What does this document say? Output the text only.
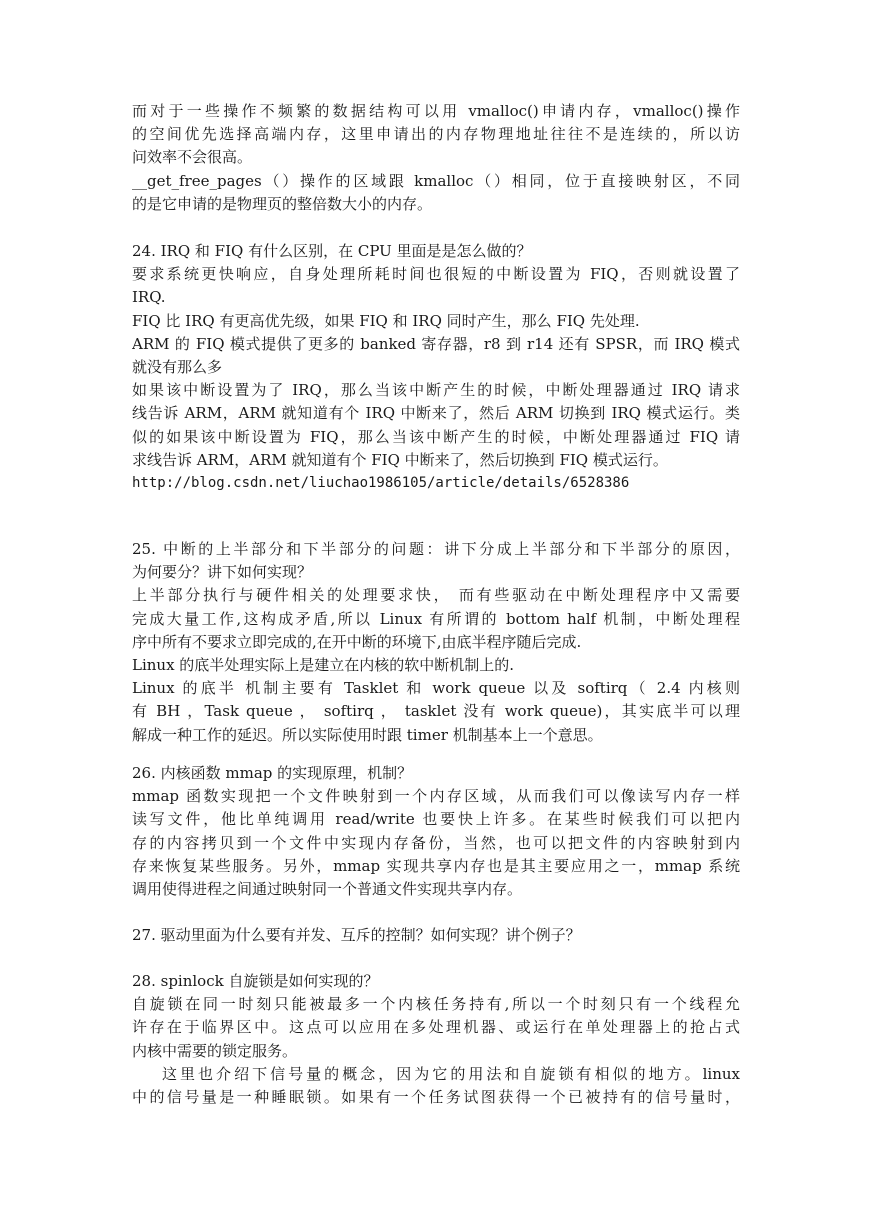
而对于一些操作不频繁的数据结构可以用 vmalloc()申请内存，vmalloc()操作
的空间优先选择高端内存，这里申请出的内存物理地址往往不是连续的，所以访
问效率不会很高。
__get_free_pages（）操作的区域跟 kmalloc（）相同，位于直接映射区，不同
的是它申请的是物理页的整倍数大小的内存。
24. IRQ 和 FIQ 有什么区别，在 CPU 里面是是怎么做的？
要求系统更快响应，自身处理所耗时间也很短的中断设置为 FIQ，否则就设置了
IRQ.
FIQ 比 IRQ 有更高优先级，如果 FIQ 和 IRQ 同时产生，那么 FIQ 先处理.
ARM 的 FIQ 模式提供了更多的 banked 寄存器，r8 到 r14 还有 SPSR，而 IRQ 模式
就没有那么多
如果该中断设置为了 IRQ，那么当该中断产生的时候，中断处理器通过 IRQ 请求
线告诉 ARM，ARM 就知道有个 IRQ 中断来了，然后 ARM 切换到 IRQ 模式运行。类
似的如果该中断设置为 FIQ，那么当该中断产生的时候，中断处理器通过 FIQ 请
求线告诉 ARM，ARM 就知道有个 FIQ 中断来了，然后切换到 FIQ 模式运行。
http://blog.csdn.net/liuchao1986105/article/details/6528386
25. 中断的上半部分和下半部分的问题：讲下分成上半部分和下半部分的原因，
为何要分？讲下如何实现？
上半部分执行与硬件相关的处理要求快， 而有些驱动在中断处理程序中又需要
完成大量工作,这构成矛盾,所以 Linux 有所谓的 bottom half 机制，中断处理程
序中所有不要求立即完成的,在开中断的环境下,由底半程序随后完成.
Linux 的底半处理实际上是建立在内核的软中断机制上的.
Linux 的底半 机制主要有 Tasklet 和 work queue 以及 softirq（ 2.4 内核则
有 BH ，Task queue ， softirq ， tasklet 没有 work queue)，其实底半可以理
解成一种工作的延迟。所以实际使用时跟 timer 机制基本上一个意思。
26. 内核函数 mmap 的实现原理，机制？
mmap 函数实现把一个文件映射到一个内存区域，从而我们可以像读写内存一样
读写文件，他比单纯调用 read/write 也要快上许多。在某些时候我们可以把内
存的内容拷贝到一个文件中实现内存备份，当然，也可以把文件的内容映射到内
存来恢复某些服务。另外，mmap 实现共享内存也是其主要应用之一，mmap 系统
调用使得进程之间通过映射同一个普通文件实现共享内存。
27. 驱动里面为什么要有并发、互斥的控制？如何实现？讲个例子？
28. spinlock 自旋锁是如何实现的？
自旋锁在同一时刻只能被最多一个内核任务持有,所以一个时刻只有一个线程允
许存在于临界区中。这点可以应用在多处理机器、或运行在单处理器上的抢占式
内核中需要的锁定服务。
这里也介绍下信号量的概念，因为它的用法和自旋锁有相似的地方。linux
中的信号量是一种睡眠锁。如果有一个任务试图获得一个已被持有的信号量时，
